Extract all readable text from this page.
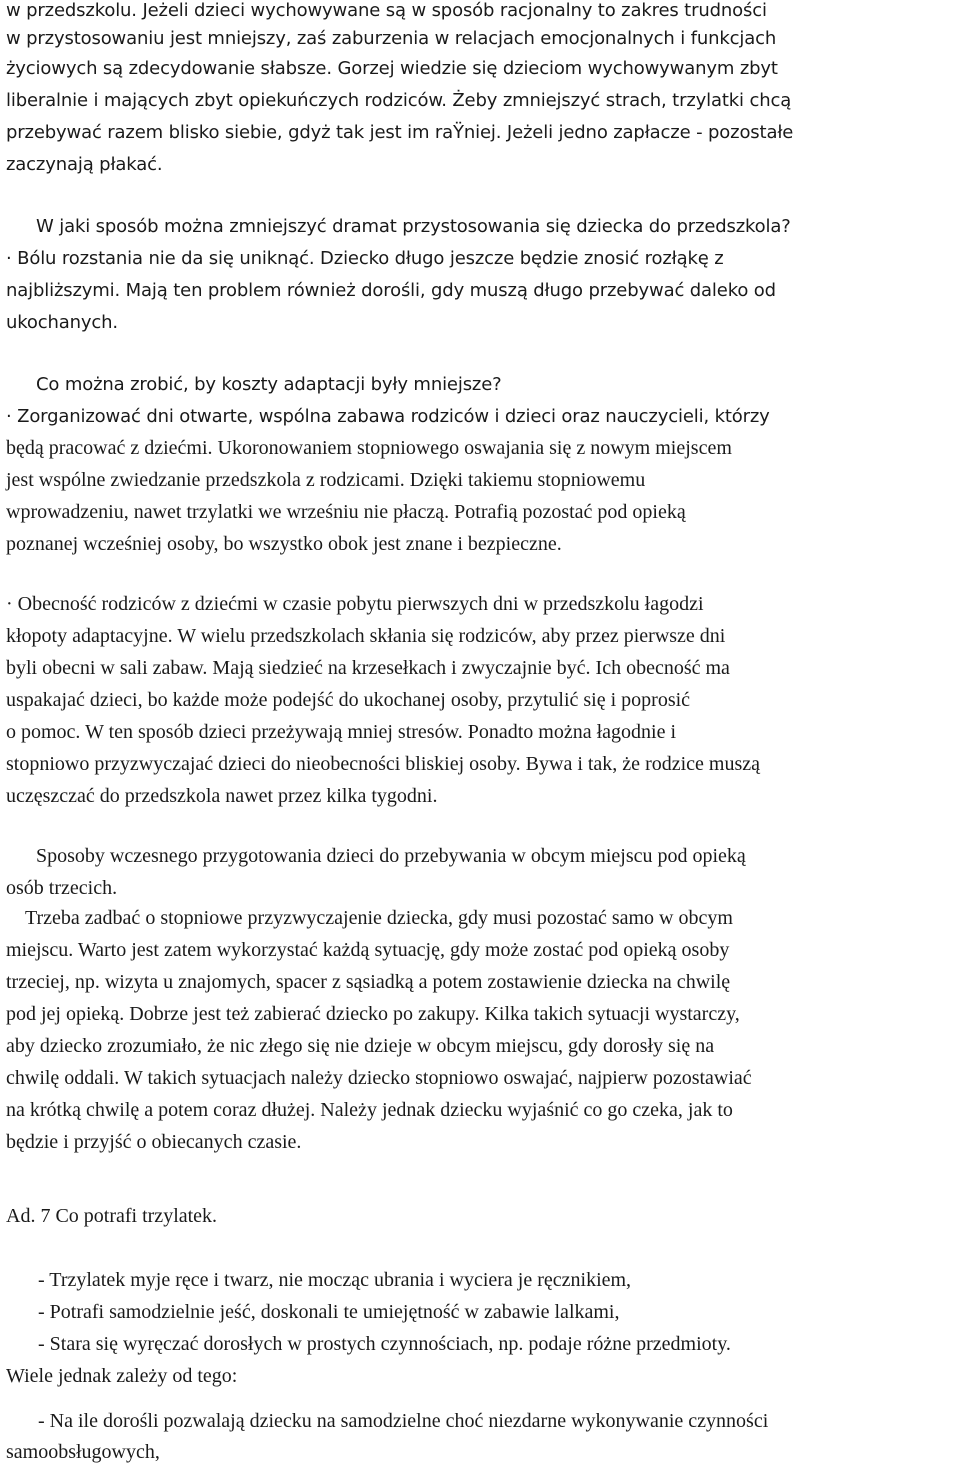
w przedszkolu. Jeżeli dzieci wychowywane są w sposób racjonalny to zakres trudności
w przystosowaniu jest mniejszy, zaś zaburzenia w relacjach emocjonalnych i funkcjach
życiowych są zdecydowanie słabsze. Gorzej wiedzie się dzieciom wychowywanym zbyt
liberalnie i mających zbyt opiekuńczych rodziców. Żeby zmniejszyć strach, trzylatki chcą
przebywać razem blisko siebie, gdyż tak jest im raŸniej. Jeżeli jedno zapłacze - pozostałe
zaczynają płakać.
W jaki sposób można zmniejszyć dramat przystosowania się dziecka do przedszkola?
· Bólu rozstania nie da się uniknąć. Dziecko długo jeszcze będzie znosić rozłąkę z
najbliższymi. Mają ten problem również dorośli, gdy muszą długo przebywać daleko od
ukochanych.
Co można zrobić, by koszty adaptacji były mniejsze?
· Zorganizować dni otwarte, wspólna zabawa rodziców i dzieci oraz nauczycieli, którzy
będą pracować z dziećmi. Ukoronowaniem stopniowego oswajania się z nowym miejscem
jest wspólne zwiedzanie przedszkola z rodzicami. Dzięki takiemu stopniowemu
wprowadzeniu, nawet trzylatki we wrześniu nie płaczą. Potrafią pozostać pod opieką
poznanej wcześniej osoby, bo wszystko obok jest znane i bezpieczne.
· Obecność rodziców z dziećmi w czasie pobytu pierwszych dni w przedszkolu łagodzi
kłopoty adaptacyjne. W wielu przedszkolach skłania się rodziców, aby przez pierwsze dni
byli obecni w sali zabaw. Mają siedzieć na krzesełkach i zwyczajnie być. Ich obecność ma
uspakajać dzieci, bo każde może podejść do ukochanej osoby, przytulić się i poprosić
o pomoc. W ten sposób dzieci przeżywają mniej stresów. Ponadto można łagodnie i
stopniowo przyzwyczajać dzieci do nieobecności bliskiej osoby. Bywa i tak, że rodzice muszą
uczęszczać do przedszkola nawet przez kilka tygodni.
Sposoby wczesnego przygotowania dzieci do przebywania w obcym miejscu pod opieką
osób trzecich.
Trzeba zadbać o stopniowe przyzwyczajenie dziecka, gdy musi pozostać samo w obcym
miejscu. Warto jest zatem wykorzystać każdą sytuację, gdy może zostać pod opieką osoby
trzeciej, np. wizyta u znajomych, spacer z sąsiadką a potem zostawienie dziecka na chwilę
pod jej opieką. Dobrze jest też zabierać dziecko po zakupy. Kilka takich sytuacji wystarczy,
aby dziecko zrozumiało, że nic złego się nie dzieje w obcym miejscu, gdy dorosły się na
chwilę oddali. W takich sytuacjach należy dziecko stopniowo oswajać, najpierw pozostawiać
na krótką chwilę a potem coraz dłużej. Należy jednak dziecku wyjaśnić co go czeka, jak to
będzie i przyjść o obiecanych czasie.
Ad. 7 Co potrafi trzylatek.
- Trzylatek myje ręce i twarz, nie mocząc ubrania i wyciera je ręcznikiem,
- Potrafi samodzielnie jeść, doskonali te umiejętność w zabawie lalkami,
- Stara się wyręczać dorosłych w prostych czynnościach, np. podaje różne przedmioty.
Wiele jednak zależy od tego:
- Na ile dorośli pozwalają dziecku na samodzielne choć niezdarne wykonywanie czynności
samoobsługowych,
